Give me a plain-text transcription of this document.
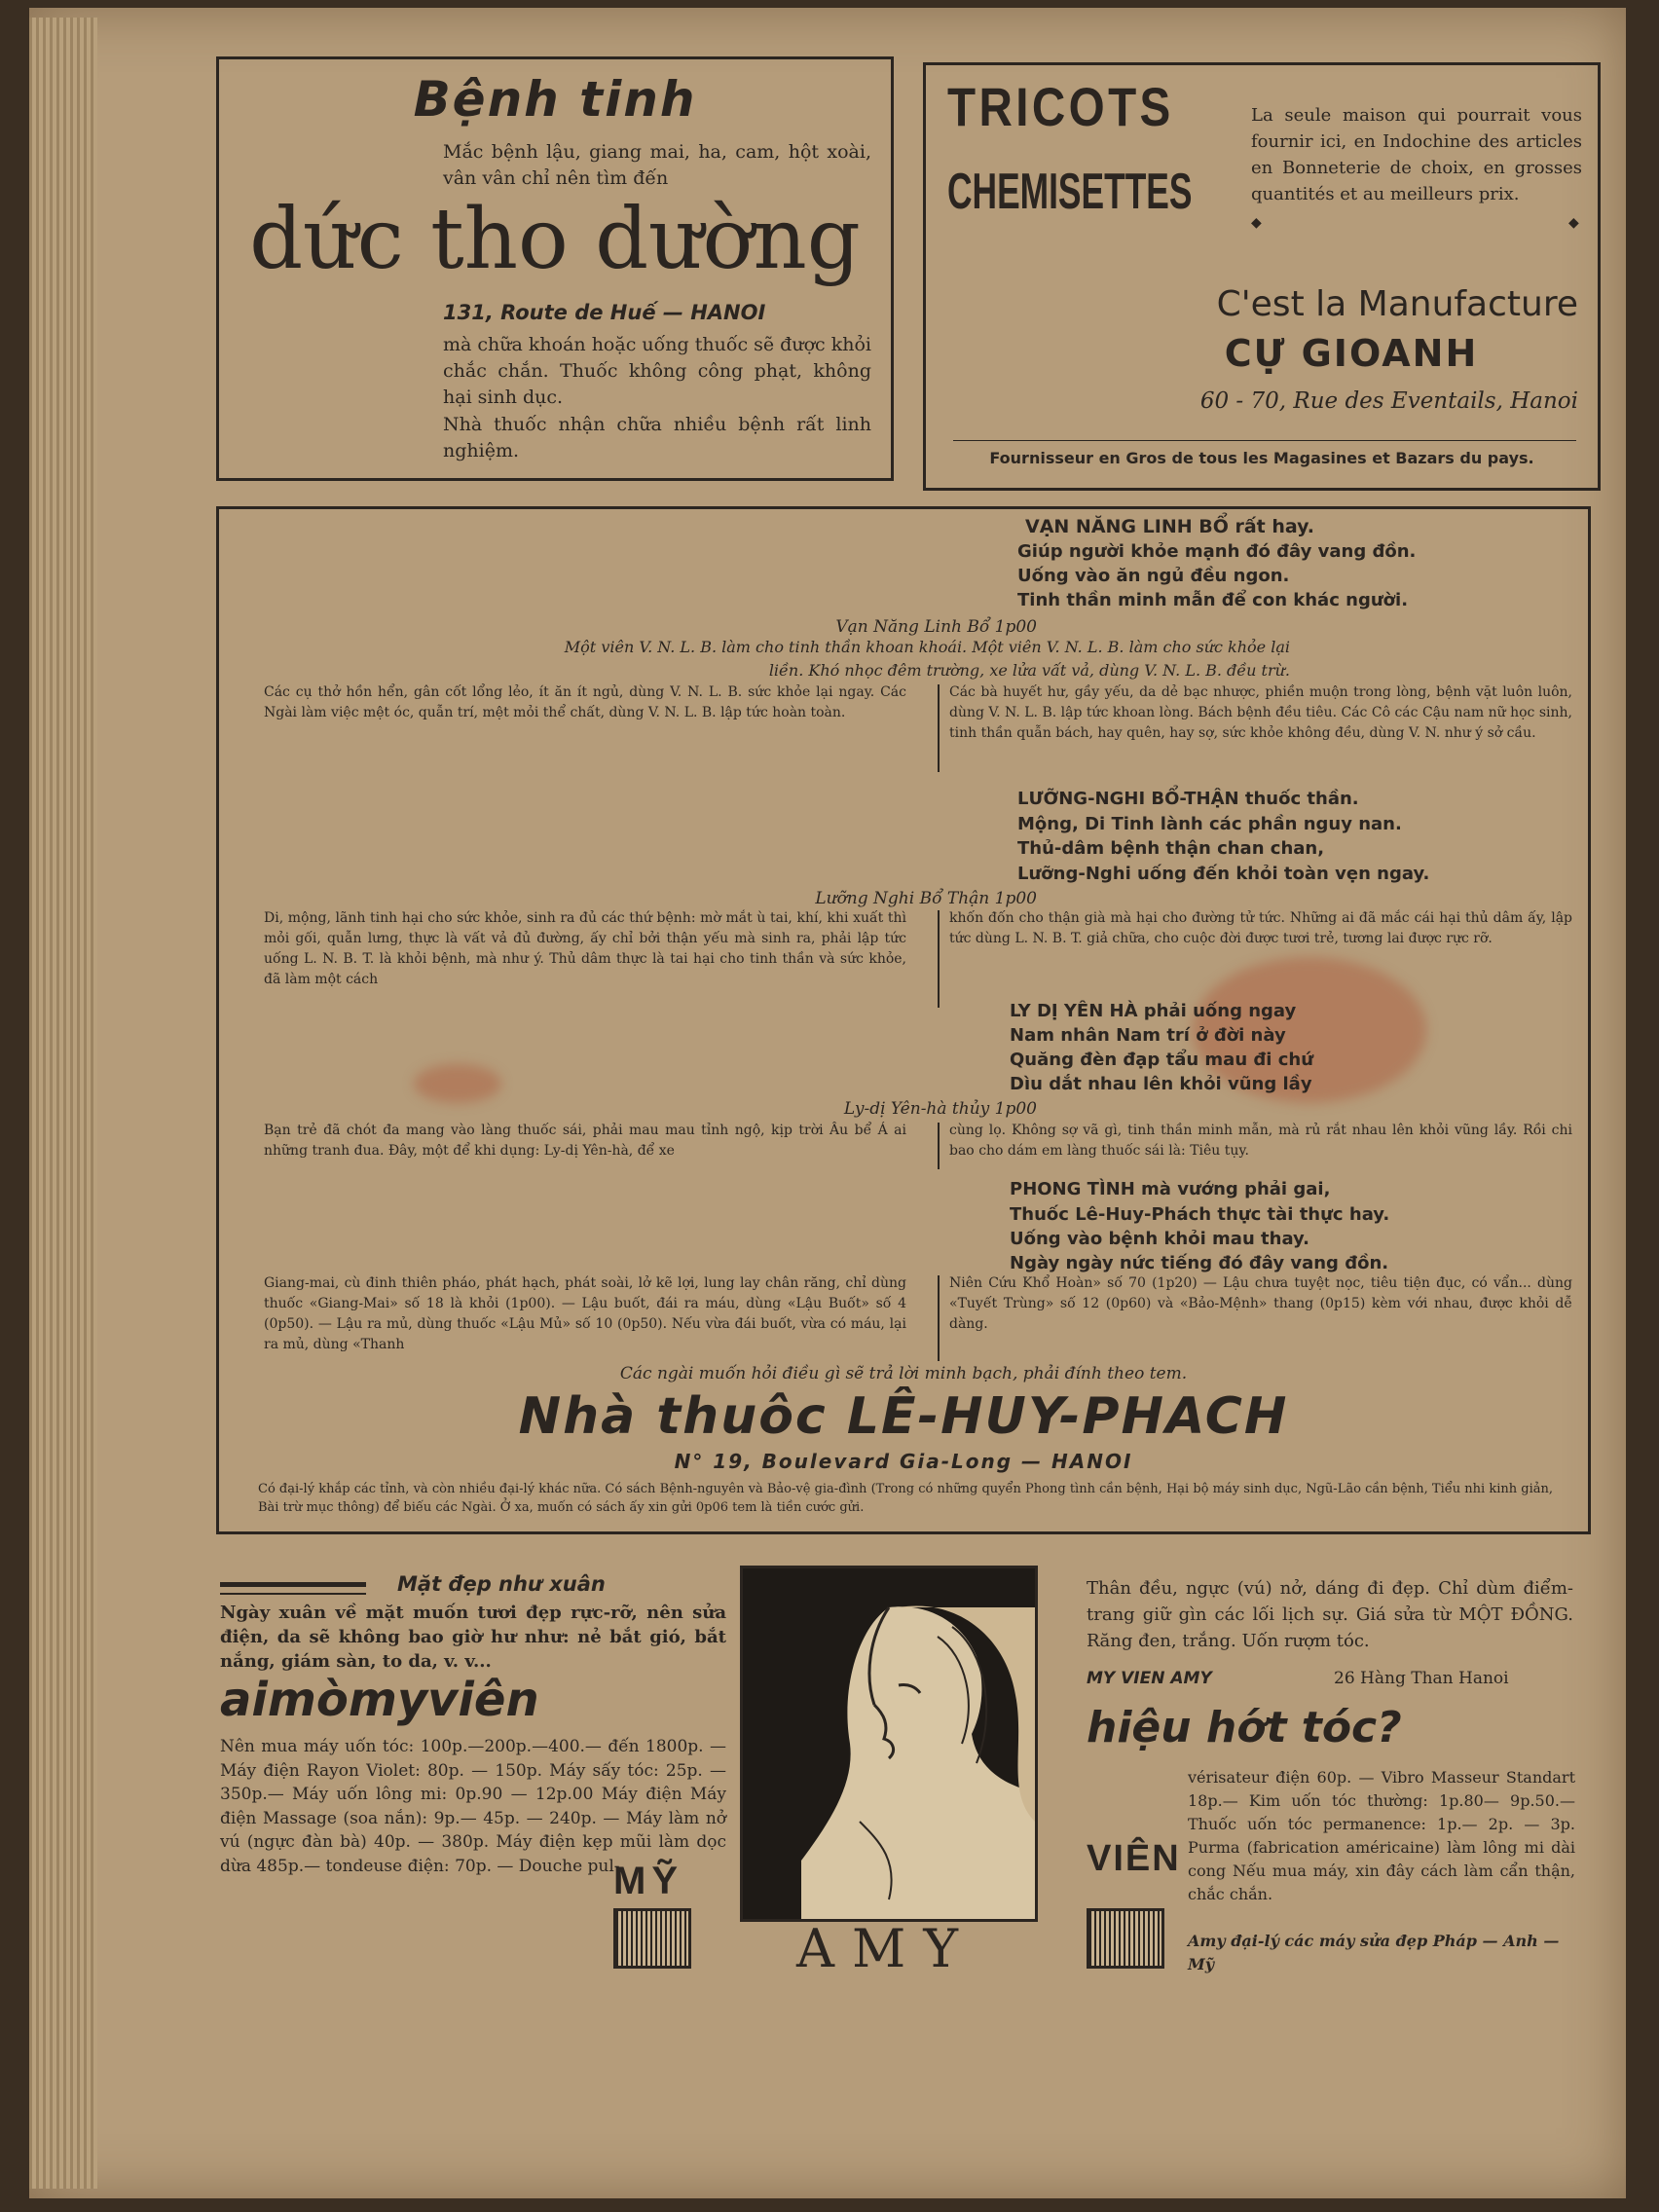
Bệnh tinh
Mắc bệnh lậu, giang mai, ha, cam, hột xoài, vân vân chỉ nên tìm đến
dức tho dường
131, Route de Huế — HANOI
mà chữa khoán hoặc uống thuốc sẽ được khỏi chắc chắn. Thuốc không công phạt, không hại sinh dục.
Nhà thuốc nhận chữa nhiều bệnh rất linh nghiệm.
TRICOTS
CHEMISETTES
La seule maison qui pourrait vous fournir ici, en Indochine des articles en Bonneterie de choix, en grosses quantités et au meilleurs prix.
◆	◆
C'est la Manufacture
CỰ GIOANH
60 - 70, Rue des Eventails, Hanoi
Fournisseur en Gros de tous les Magasines et Bazars du pays.
VẠN NĂNG LINH BỔ rất hay.
Giúp người khỏe mạnh đó đây vang đồn.
Uống vào ăn ngủ đều ngon.
Tinh thần minh mẫn để con khác người.
Vạn Năng Linh Bổ 1p00
Một viên V. N. L. B. làm cho tinh thần khoan khoái. Một viên V. N. L. B. làm cho sức khỏe lại liền. Khó nhọc đêm trường, xe lửa vất vả, dùng V. N. L. B. đều trừ.
Các cụ thở hồn hển, gân cốt lổng lẻo, ít ăn ít ngủ, dùng V. N. L. B. sức khỏe lại ngay. Các Ngài làm việc mệt óc, quẫn trí, mệt mỏi thể chất, dùng V. N. L. B. lập tức hoàn toàn.
Các bà huyết hư, gầy yếu, da dẻ bạc nhược, phiền muộn trong lòng, bệnh vặt luôn luôn, dùng V. N. L. B. lập tức khoan lòng. Bách bệnh đều tiêu. Các Cô các Cậu nam nữ học sinh, tinh thần quẫn bách, hay quên, hay sợ, sức khỏe không đều, dùng V. N. như ý sở cầu.
LƯỠNG-NGHI BỔ-THẬN thuốc thần.
Mộng, Di Tinh lành các phần nguy nan.
Thủ-dâm bệnh thận chan chan,
Lưỡng-Nghi uống đến khỏi toàn vẹn ngay.
Lưỡng Nghi Bổ Thận 1p00
Di, mộng, lãnh tinh hại cho sức khỏe, sinh ra đủ các thứ bệnh: mờ mắt ù tai, khí, khi xuất thì mỏi gối, quẫn lưng, thực là vất vả đủ đường, ấy chỉ bởi thận yếu mà sinh ra, phải lập tức uống L. N. B. T. là khỏi bệnh, mà như ý. Thủ dâm thực là tai hại cho tinh thần và sức khỏe, đã làm một cách
khốn đốn cho thận già mà hại cho đường tử tức. Những ai đã mắc cái hại thủ dâm ấy, lập tức dùng L. N. B. T. giả chữa, cho cuộc đời được tươi trẻ, tương lai được rực rỡ.
LY DỊ YÊN HÀ phải uống ngay
Nam nhân Nam trí ở đời này
Quăng đèn đạp tẩu mau đi chứ
Dìu dắt nhau lên khỏi vũng lầy
Ly-dị Yên-hà thủy 1p00
Bạn trẻ đã chót đa mang vào làng thuốc sái, phải mau mau tỉnh ngộ, kịp trời Âu bể Á ai những tranh đua. Đây, một để khi dụng: Ly-dị Yên-hà, để xe
cùng lọ. Không sợ vã gì, tinh thần minh mẫn, mà rủ rắt nhau lên khỏi vũng lầy. Rồi chi bao cho dám em làng thuốc sái là: Tiêu tụy.
PHONG TÌNH mà vướng phải gai,
Thuốc Lê-Huy-Phách thực tài thực hay.
Uống vào bệnh khỏi mau thay.
Ngày ngày nức tiếng đó đây vang đồn.
Giang-mai, cù đinh thiên pháo, phát hạch, phát soài, lở kẽ lợi, lung lay chân răng, chỉ dùng thuốc «Giang-Mai» số 18 là khỏi (1p00). — Lậu buốt, đái ra máu, dùng «Lậu Buốt» số 4 (0p50). — Lậu ra mủ, dùng thuốc «Lậu Mủ» số 10 (0p50). Nếu vừa đái buốt, vừa có máu, lại ra mủ, dùng «Thanh
Niên Cứu Khổ Hoàn» số 70 (1p20) — Lậu chưa tuyệt nọc, tiêu tiện đục, có vẩn... dùng «Tuyết Trùng» số 12 (0p60) và «Bảo-Mệnh» thang (0p15) kèm với nhau, được khỏi dễ dàng.
Các ngài muốn hỏi điều gì sẽ trả lời minh bạch, phải đính theo tem.
Nhà thuôc LÊ-HUY-PHACH
N° 19, Boulevard Gia-Long — HANOI
Có đại-lý khắp các tỉnh, và còn nhiều đại-lý khác nữa. Có sách Bệnh-nguyên và Bảo-vệ gia-đình (Trong có những quyển Phong tình cần bệnh, Hại bộ máy sinh dục, Ngũ-Lão cần bệnh, Tiểu nhi kinh giản, Bài trừ mục thông) để biếu các Ngài. Ở xa, muốn có sách ấy xin gửi 0p06 tem là tiền cước gửi.
Mặt đẹp như xuân
Ngày xuân về mặt muốn tươi đẹp rực-rỡ, nên sửa điện, da sẽ không bao giờ hư như: nẻ bắt gió, bắt nắng, giám sàn, to da, v. v...
aimòmyviên
Nên mua máy uốn tóc: 100p.—200p.—400.— đến 1800p. — Máy điện Rayon Violet: 80p. — 150p. Máy sấy tóc: 25p. — 350p.— Máy uốn lông mi: 0p.90 — 12p.00 Máy điện Máy điện Massage (soa nắn): 9p.— 45p. — 240p. — Máy làm nở vú (ngực đàn bà) 40p. — 380p. Máy điện kẹp mũi làm dọc dừa 485p.— tondeuse điện: 70p. — Douche pul-
MỸ
AMY
VIÊN
Thân đều, ngực (vú) nở, dáng đi đẹp. Chỉ dùm điểm-trang giữ gìn các lối lịch sự. Giá sửa từ MỘT ĐỒNG. Răng đen, trắng. Uốn rượm tóc.
MY VIEN AMY	26 Hàng Than Hanoi
hiệu hớt tóc?
vérisateur điện 60p. — Vibro Masseur Standart 18p.— Kim uốn tóc thường: 1p.80— 9p.50.— Thuốc uốn tóc permanence: 1p.— 2p. — 3p. Purma (fabrication américaine) làm lông mi dài cong Nếu mua máy, xin đây cách làm cẩn thận, chắc chắn.
Amy đại-lý các máy sửa đẹp Pháp — Anh — Mỹ
